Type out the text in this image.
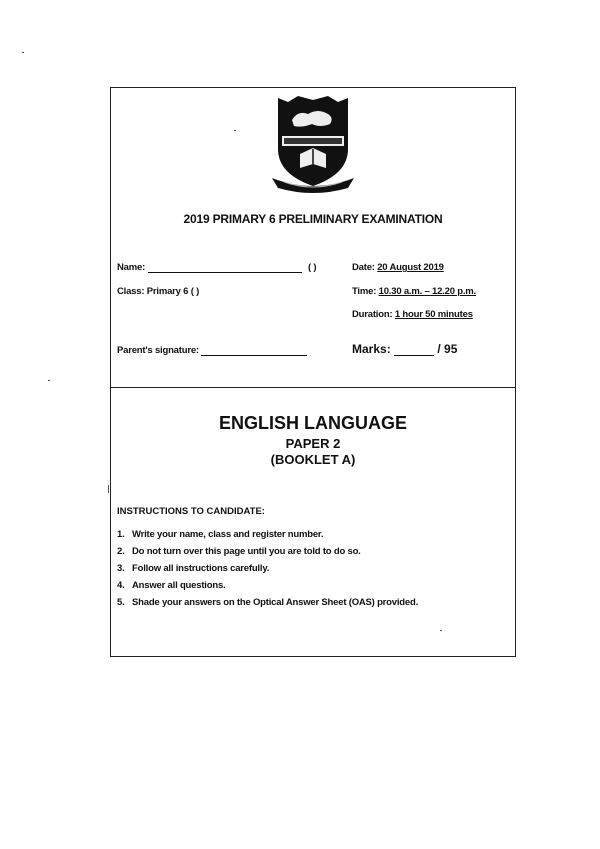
2019 PRIMARY 6 PRELIMINARY EXAMINATION
Name:	( )
Class: Primary 6 ( )
Parent's signature:
Date: 20 August 2019
Time: 10.30 a.m. – 12.20 p.m.
Duration: 1 hour 50 minutes
Marks:	/ 95
ENGLISH LANGUAGE
PAPER 2
(BOOKLET A)
INSTRUCTIONS TO CANDIDATE:
1. Write your name, class and register number.
2. Do not turn over this page until you are told to do so.
3. Follow all instructions carefully.
4. Answer all questions.
5. Shade your answers on the Optical Answer Sheet (OAS) provided.
